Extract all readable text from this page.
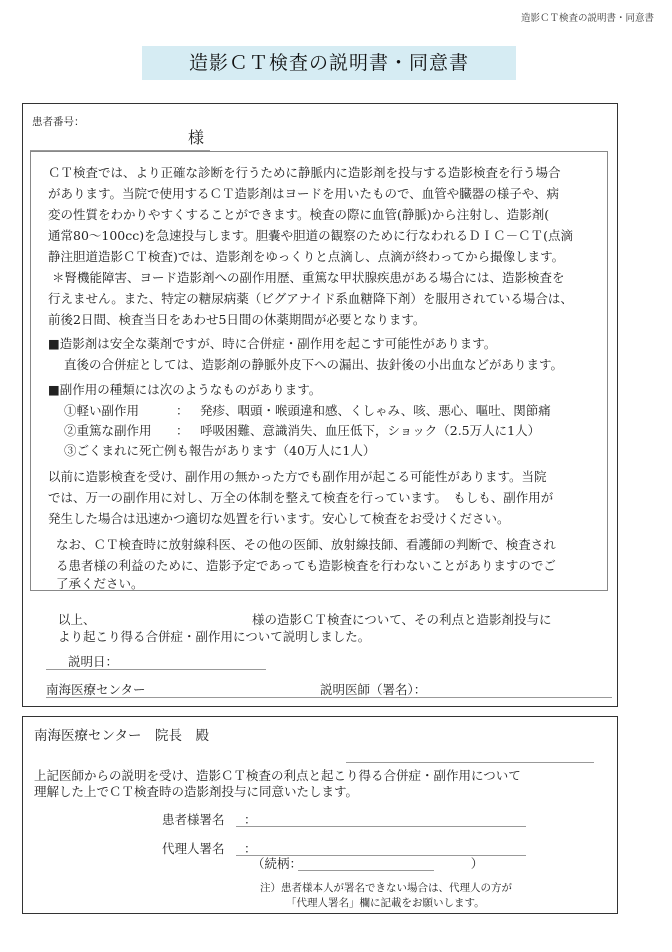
造影ＣＴ検査の説明書・同意書
造影ＣＴ検査の説明書・同意書
患者番号：
様
ＣＴ検査では、より正確な診断を行うために静脈内に造影剤を投与する造影検査を行う場合
があります。当院で使用するＣＴ造影剤はヨードを用いたもので、血管や臓器の様子や、病
変の性質をわかりやすくすることができます。検査の際に血管(静脈)から注射し、造影剤(
通常80～100cc)を急速投与します。胆嚢や胆道の観察のために行なわれるＤＩＣ－ＣＴ(点滴
静注胆道造影ＣＴ検査)では、造影剤をゆっくりと点滴し、点滴が終わってから撮像します。
＊腎機能障害、ヨード造影剤への副作用歴、重篤な甲状腺疾患がある場合には、造影検査を
行えません。また、特定の糖尿病薬（ビグアナイド系血糖降下剤）を服用されている場合は、
前後2日間、検査当日をあわせ5日間の休薬期間が必要となります。
■造影剤は安全な薬剤ですが、時に合併症・副作用を起こす可能性があります。
直後の合併症としては、造影剤の静脈外皮下への漏出、抜針後の小出血などがあります。
■副作用の種類には次のようなものがあります。
①軽い副作用	： 発疹、咽頭・喉頭違和感、くしゃみ、咳、悪心、嘔吐、関節痛
②重篤な副作用 ： 呼吸困難、意識消失、血圧低下，ショック（2.5万人に1人）
③ごくまれに死亡例も報告があります（40万人に1人）
以前に造影検査を受け、副作用の無かった方でも副作用が起こる可能性があります。当院
では、万一の副作用に対し、万全の体制を整えて検査を行っています。　もしも、副作用が
発生した場合は迅速かつ適切な処置を行います。安心して検査をお受けください。
なお、ＣＴ検査時に放射線科医、その他の医師、放射線技師、看護師の判断で、検査され
る患者様の利益のために、造影予定であっても造影検査を行わないことがありますのでご
了承ください。
以上、	様の造影ＣＴ検査について、その利点と造影剤投与に
より起こり得る合併症・副作用について説明しました。
説明日：
南海医療センター	説明医師（署名）：
南海医療センター　院長　殿
上記医師からの説明を受け、造影ＣＴ検査の利点と起こり得る合併症・副作用について
理解した上でＣＴ検査時の造影剤投与に同意いたします。
患者様署名 ：
代理人署名 ：
（続柄：　　　　　　　　　　　　　　）
注）患者様本人が署名できない場合は、代理人の方が
「代理人署名」欄に記載をお願いします。
